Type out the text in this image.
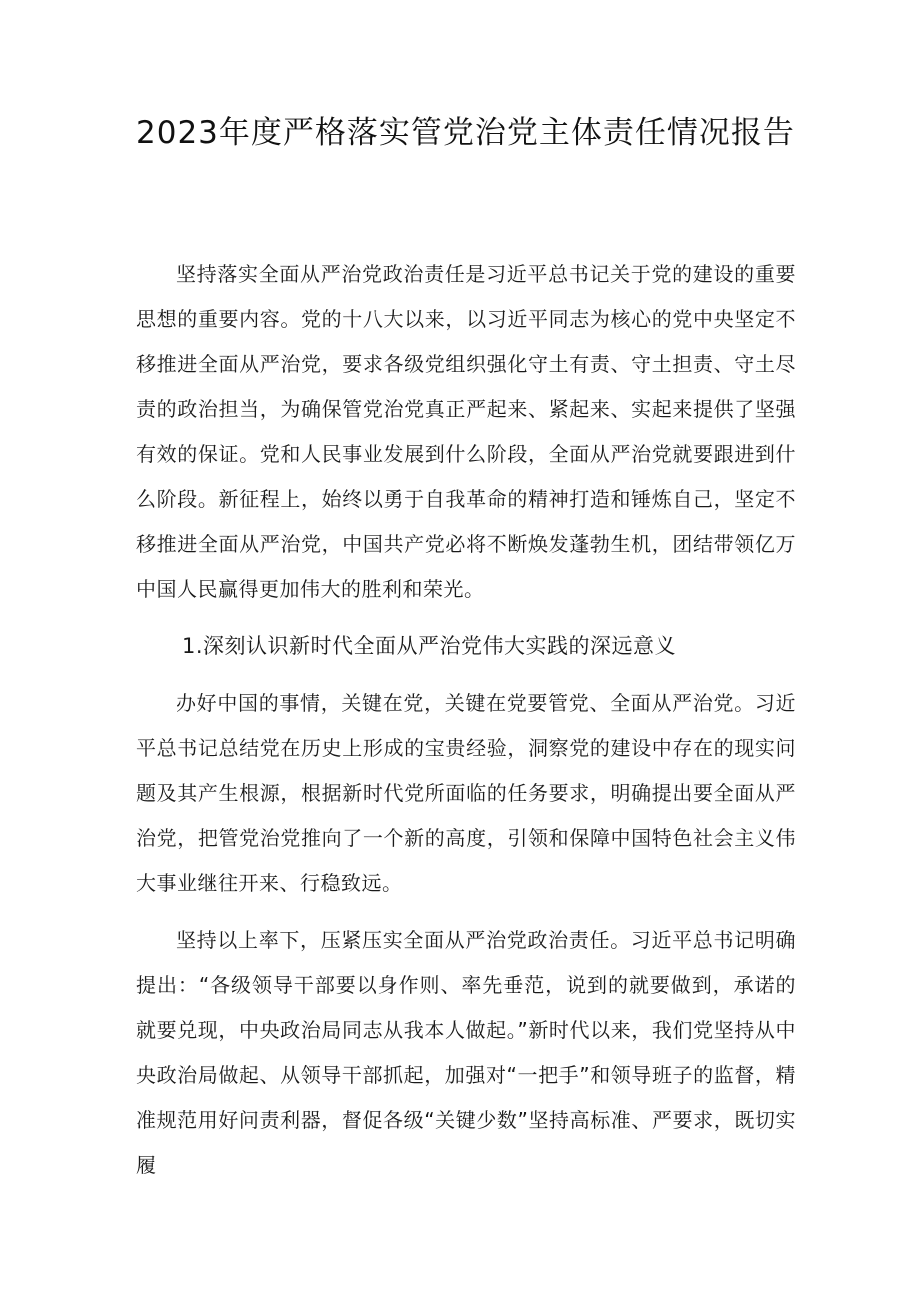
2023年度严格落实管党治党主体责任情况报告

坚持落实全面从严治党政治责任是习近平总书记关于党的建设的重要思想的重要内容。党的十八大以来，以习近平同志为核心的党中央坚定不移推进全面从严治党，要求各级党组织强化守土有责、守土担责、守土尽责的政治担当，为确保管党治党真正严起来、紧起来、实起来提供了坚强有效的保证。党和人民事业发展到什么阶段，全面从严治党就要跟进到什么阶段。新征程上，始终以勇于自我革命的精神打造和锤炼自己，坚定不移推进全面从严治党，中国共产党必将不断焕发蓬勃生机，团结带领亿万中国人民赢得更加伟大的胜利和荣光。

1.深刻认识新时代全面从严治党伟大实践的深远意义

办好中国的事情，关键在党，关键在党要管党、全面从严治党。习近平总书记总结党在历史上形成的宝贵经验，洞察党的建设中存在的现实问题及其产生根源，根据新时代党所面临的任务要求，明确提出要全面从严治党，把管党治党推向了一个新的高度，引领和保障中国特色社会主义伟大事业继往开来、行稳致远。

坚持以上率下，压紧压实全面从严治党政治责任。习近平总书记明确提出：“各级领导干部要以身作则、率先垂范，说到的就要做到，承诺的就要兑现，中央政治局同志从我本人做起。”新时代以来，我们党坚持从中央政治局做起、从领导干部抓起，加强对“一把手”和领导班子的监督，精准规范用好问责利器，督促各级“关键少数”坚持高标准、严要求，既切实履
